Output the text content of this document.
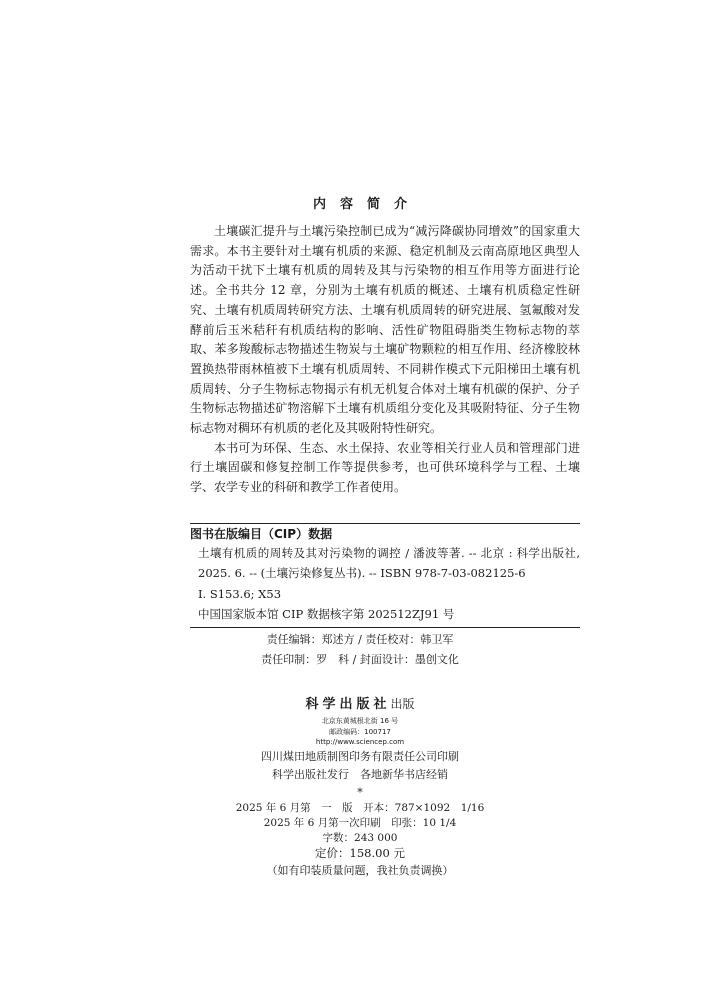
内容简介

土壤碳汇提升与土壤污染控制已成为“减污降碳协同增效”的国家重大需求。本书主要针对土壤有机质的来源、稳定机制及云南高原地区典型人为活动干扰下土壤有机质的周转及其与污染物的相互作用等方面进行论述。全书共分 12 章，分别为土壤有机质的概述、土壤有机质稳定性研究、土壤有机质周转研究方法、土壤有机质周转的研究进展、氢氟酸对发酵前后玉米秸秆有机质结构的影响、活性矿物阻碍脂类生物标志物的萃取、苯多羧酸标志物描述生物炭与土壤矿物颗粒的相互作用、经济橡胶林置换热带雨林植被下土壤有机质周转、不同耕作模式下元阳梯田土壤有机质周转、分子生物标志物揭示有机无机复合体对土壤有机碳的保护、分子生物标志物描述矿物溶解下土壤有机质组分变化及其吸附特征、分子生物标志物对稠环有机质的老化及其吸附特性研究。

本书可为环保、生态、水土保持、农业等相关行业人员和管理部门进行土壤固碳和修复控制工作等提供参考，也可供环境科学与工程、土壤学、农学专业的科研和教学工作者使用。

图书在版编目（CIP）数据
土壤有机质的周转及其对污染物的调控 / 潘波等著. -- 北京 : 科学出版社, 2025. 6. -- (土壤污染修复丛书). -- ISBN 978-7-03-082125-6
Ⅰ. S153.6; X53
中国国家版本馆 CIP 数据核字第 202512ZJ91 号
责任编辑：郑述方 / 责任校对：韩卫军
责任印制：罗　科 / 封面设计：墨创文化
科学出版社出版
北京东黄城根北街 16 号
邮政编码：100717
http://www.sciencep.com
四川煤田地质制图印务有限责任公司印刷
科学出版社发行　各地新华书店经销
*
2025 年 6 月第　一　版　开本：787×1092　1/16
2025 年 6 月第一次印刷　印张：10 1/4
字数：243 000
定价：158.00 元
（如有印装质量问题，我社负责调换）
